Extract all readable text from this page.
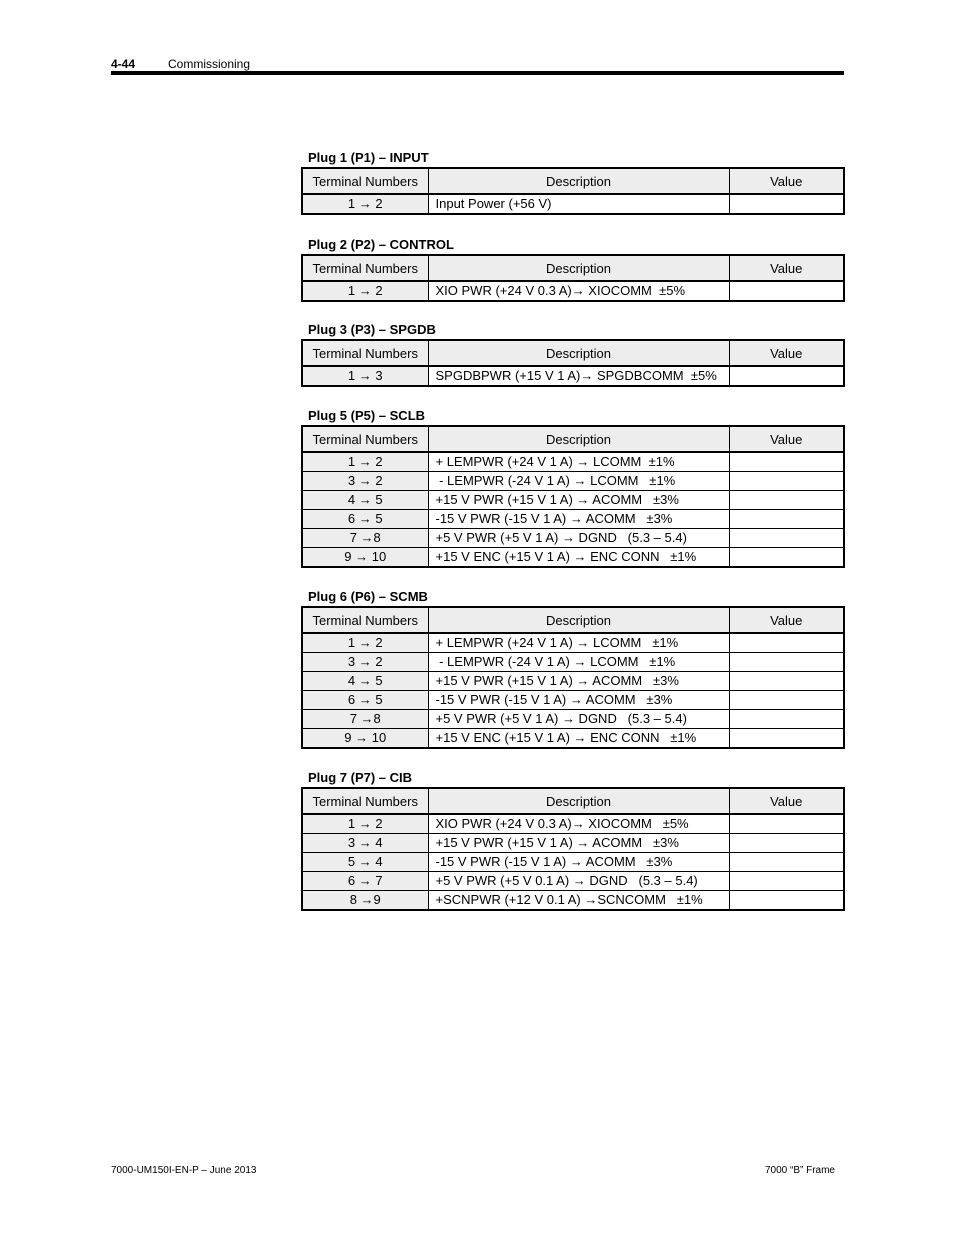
4-44	Commissioning
Plug 1 (P1) – INPUT
Terminal Numbers	Description	Value
1 → 2	Input Power (+56 V)	
Plug 2 (P2) – CONTROL
Terminal Numbers	Description	Value
1 → 2	XIO PWR (+24 V 0.3 A)→ XIOCOMM  ±5%	
Plug 3 (P3) – SPGDB
Terminal Numbers	Description	Value
1 → 3	SPGDBPWR (+15 V 1 A)→ SPGDBCOMM  ±5%	
Plug 5 (P5) – SCLB
Terminal Numbers	Description	Value
1 → 2	+ LEMPWR (+24 V 1 A) → LCOMM  ±1%	
3 → 2	- LEMPWR (-24 V 1 A) → LCOMM   ±1%	
4 → 5	+15 V PWR (+15 V 1 A) → ACOMM   ±3%	
6 → 5	-15 V PWR (-15 V 1 A) → ACOMM   ±3%	
7 →8	+5 V PWR (+5 V 1 A) → DGND   (5.3 – 5.4)	
9 → 10	+15 V ENC (+15 V 1 A) → ENC CONN   ±1%	
Plug 6 (P6) – SCMB
Terminal Numbers	Description	Value
1 → 2	+ LEMPWR (+24 V 1 A) → LCOMM   ±1%	
3 → 2	- LEMPWR (-24 V 1 A) → LCOMM   ±1%	
4 → 5	+15 V PWR (+15 V 1 A) → ACOMM   ±3%	
6 → 5	-15 V PWR (-15 V 1 A) → ACOMM   ±3%	
7 →8	+5 V PWR (+5 V 1 A) → DGND   (5.3 – 5.4)	
9 → 10	+15 V ENC (+15 V 1 A) → ENC CONN   ±1%	
Plug 7 (P7) – CIB
Terminal Numbers	Description	Value
1 → 2	XIO PWR (+24 V 0.3 A)→ XIOCOMM   ±5%	
3 → 4	+15 V PWR (+15 V 1 A) → ACOMM   ±3%	
5 → 4	-15 V PWR (-15 V 1 A) → ACOMM   ±3%	
6 → 7	+5 V PWR (+5 V 0.1 A) → DGND   (5.3 – 5.4)	
8 →9	+SCNPWR (+12 V 0.1 A) →SCNCOMM   ±1%	
7000-UM150I-EN-P – June 2013	7000 “B” Frame
